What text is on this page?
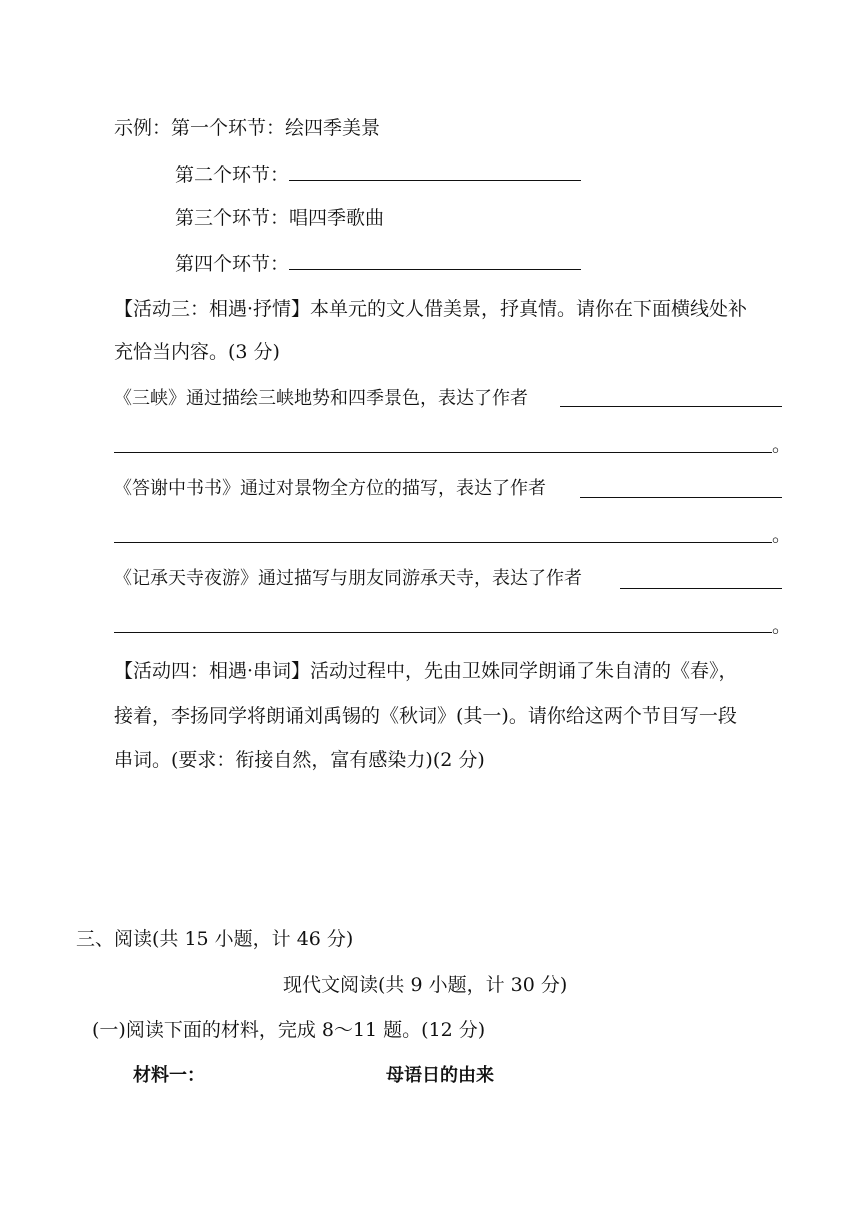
示例：第一个环节：绘四季美景
第二个环节：
第三个环节：唱四季歌曲
第四个环节：
【活动三：相遇·抒情】本单元的文人借美景，抒真情。请你在下面横线处补
充恰当内容。(3 分)
《三峡》通过描绘三峡地势和四季景色，表达了作者
。
《答谢中书书》通过对景物全方位的描写，表达了作者
。
《记承天寺夜游》通过描写与朋友同游承天寺，表达了作者
。
【活动四：相遇·串词】活动过程中，先由卫姝同学朗诵了朱自清的《春》，
接着，李扬同学将朗诵刘禹锡的《秋词》(其一)。请你给这两个节目写一段
串词。(要求：衔接自然，富有感染力)(2 分)
三、阅读(共 15 小题，计 46 分)
现代文阅读(共 9 小题，计 30 分)
(一)阅读下面的材料，完成 8～11 题。(12 分)
材料一：	母语日的由来
